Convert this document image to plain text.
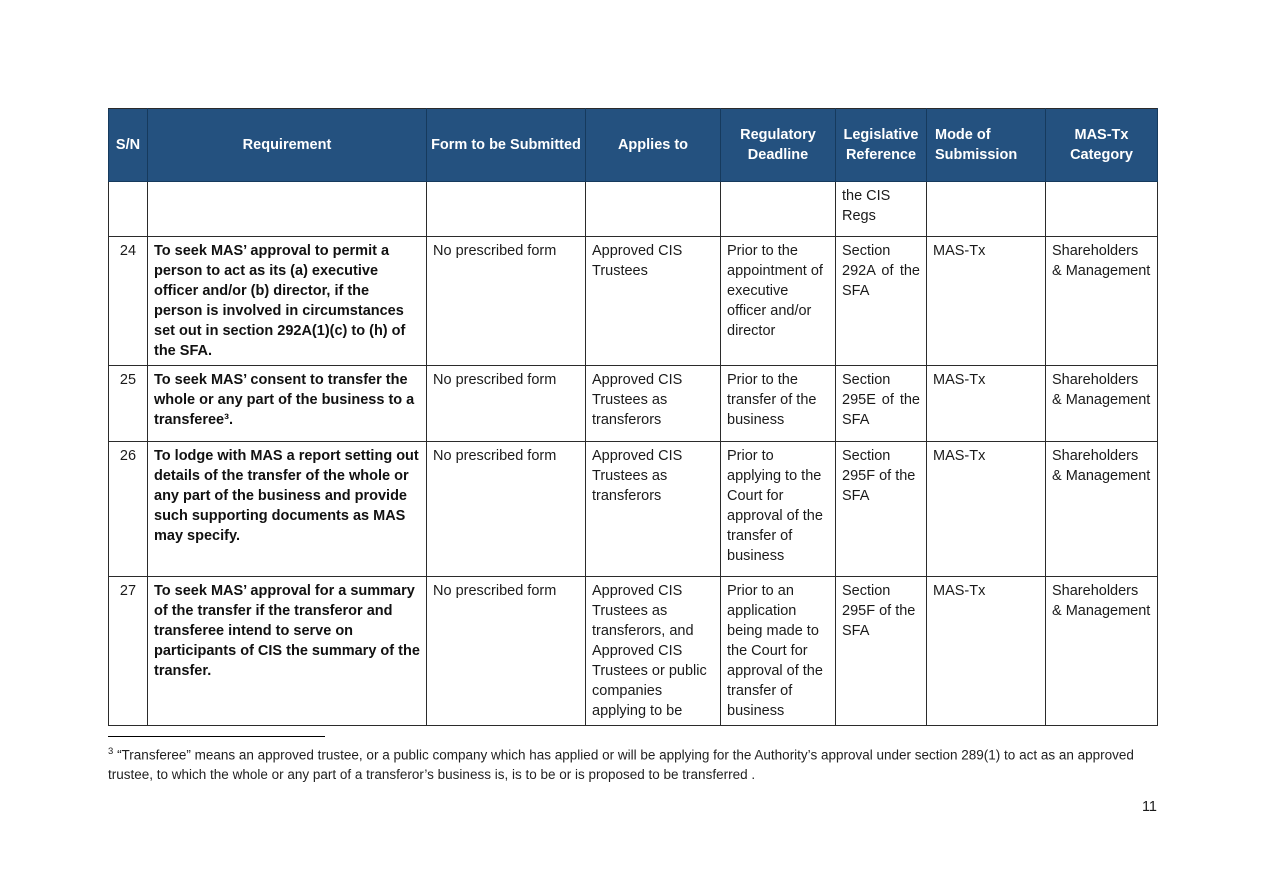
S/N	Requirement	Form to be Submitted	Applies to	Regulatory Deadline	Legislative Reference	Mode of Submission	MAS-Tx Category
					the CIS Regs		
24	To seek MAS’ approval to permit a person to act as its (a) executive officer and/or (b) director, if the person is involved in circumstances set out in section 292A(1)(c) to (h) of the SFA.	No prescribed form	Approved CIS Trustees	Prior to the appointment of executive officer and/or director	Section 292A of the SFA	MAS-Tx	Shareholders & Management
25	To seek MAS’ consent to transfer the whole or any part of the business to a transferee³.	No prescribed form	Approved CIS Trustees as transferors	Prior to the transfer of the business	Section 295E of the SFA	MAS-Tx	Shareholders & Management
26	To lodge with MAS a report setting out details of the transfer of the whole or any part of the business and provide such supporting documents as MAS may specify.	No prescribed form	Approved CIS Trustees as transferors	Prior to applying to the Court for approval of the transfer of business	Section 295F of the SFA	MAS-Tx	Shareholders & Management
27	To seek MAS’ approval for a summary of the transfer if the transferor and transferee intend to serve on participants of CIS the summary of the transfer.	No prescribed form	Approved CIS Trustees as transferors, and Approved CIS Trustees or public companies applying to be	Prior to an application being made to the Court for approval of the transfer of business	Section 295F of the SFA	MAS-Tx	Shareholders & Management
$^3$ “Transferee” means an approved trustee, or a public company which has applied or will be applying for the Authority’s approval under section 289(1) to act as an approved trustee, to which the whole or any part of a transferor’s business is, is to be or is proposed to be transferred .
11
